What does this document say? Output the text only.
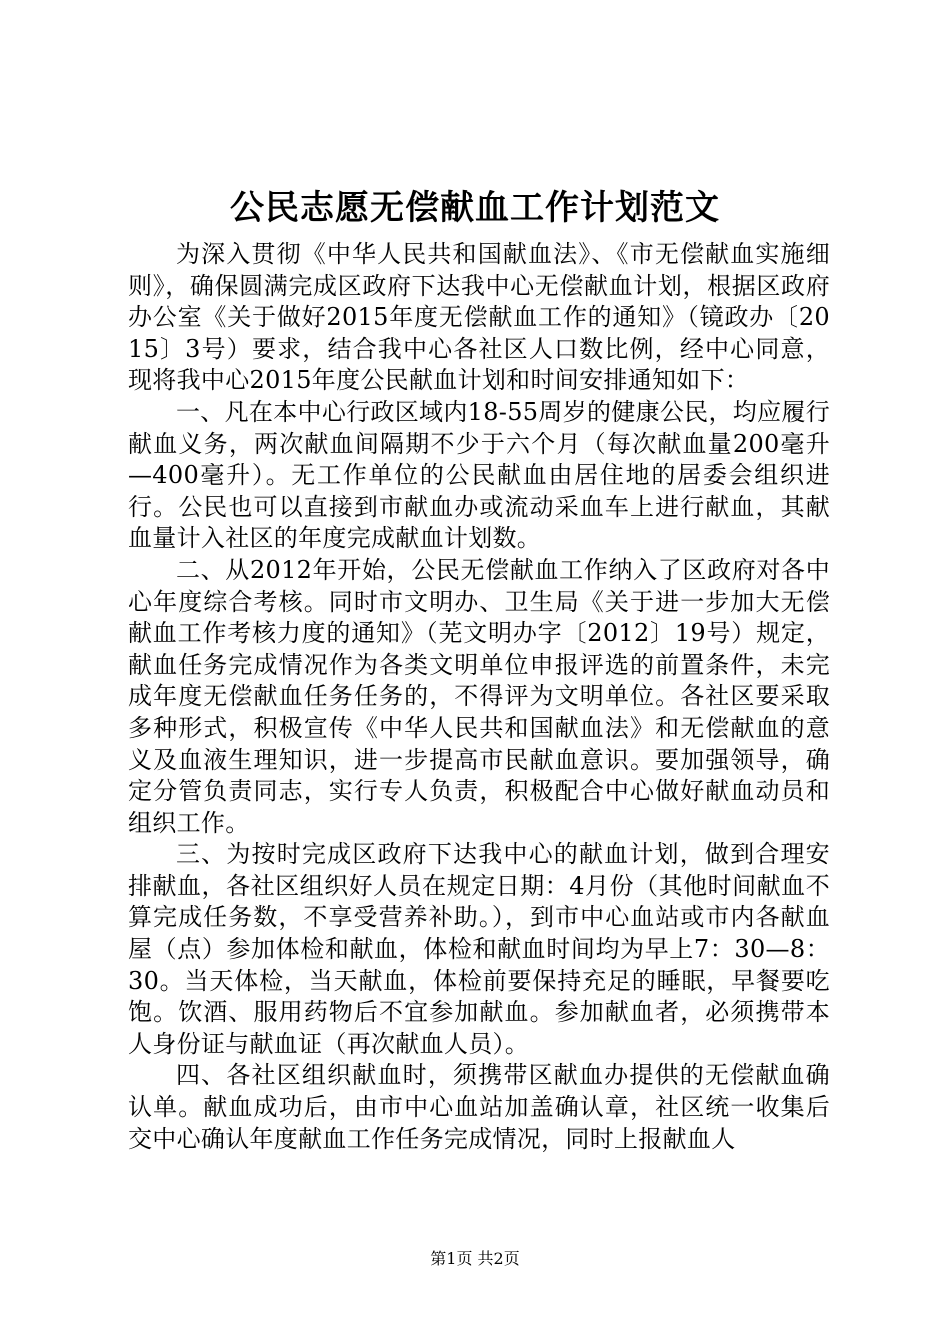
公民志愿无偿献血工作计划范文

为深入贯彻《中华人民共和国献血法》、《市无偿献血实施细则》，确保圆满完成区政府下达我中心无偿献血计划，根据区政府办公室《关于做好2015年度无偿献血工作的通知》（镜政办〔2015〕3号）要求，结合我中心各社区人口数比例，经中心同意，现将我中心2015年度公民献血计划和时间安排通知如下：

一、凡在本中心行政区域内18-55周岁的健康公民，均应履行献血义务，两次献血间隔期不少于六个月（每次献血量200毫升—400毫升）。无工作单位的公民献血由居住地的居委会组织进行。公民也可以直接到市献血办或流动采血车上进行献血，其献血量计入社区的年度完成献血计划数。

二、从2012年开始，公民无偿献血工作纳入了区政府对各中心年度综合考核。同时市文明办、卫生局《关于进一步加大无偿献血工作考核力度的通知》（芜文明办字〔2012〕19号）规定，献血任务完成情况作为各类文明单位申报评选的前置条件，未完成年度无偿献血任务任务的，不得评为文明单位。各社区要采取多种形式，积极宣传《中华人民共和国献血法》和无偿献血的意义及血液生理知识，进一步提高市民献血意识。要加强领导，确定分管负责同志，实行专人负责，积极配合中心做好献血动员和组织工作。

三、为按时完成区政府下达我中心的献血计划，做到合理安排献血，各社区组织好人员在规定日期：4月份（其他时间献血不算完成任务数，不享受营养补助。），到市中心血站或市内各献血屋（点）参加体检和献血，体检和献血时间均为早上7：30—8：30。当天体检，当天献血，体检前要保持充足的睡眠，早餐要吃饱。饮酒、服用药物后不宜参加献血。参加献血者，必须携带本人身份证与献血证（再次献血人员）。

四、各社区组织献血时，须携带区献血办提供的无偿献血确认单。献血成功后，由市中心血站加盖确认章，社区统一收集后交中心确认年度献血工作任务完成情况，同时上报献血人

第1页 共2页
